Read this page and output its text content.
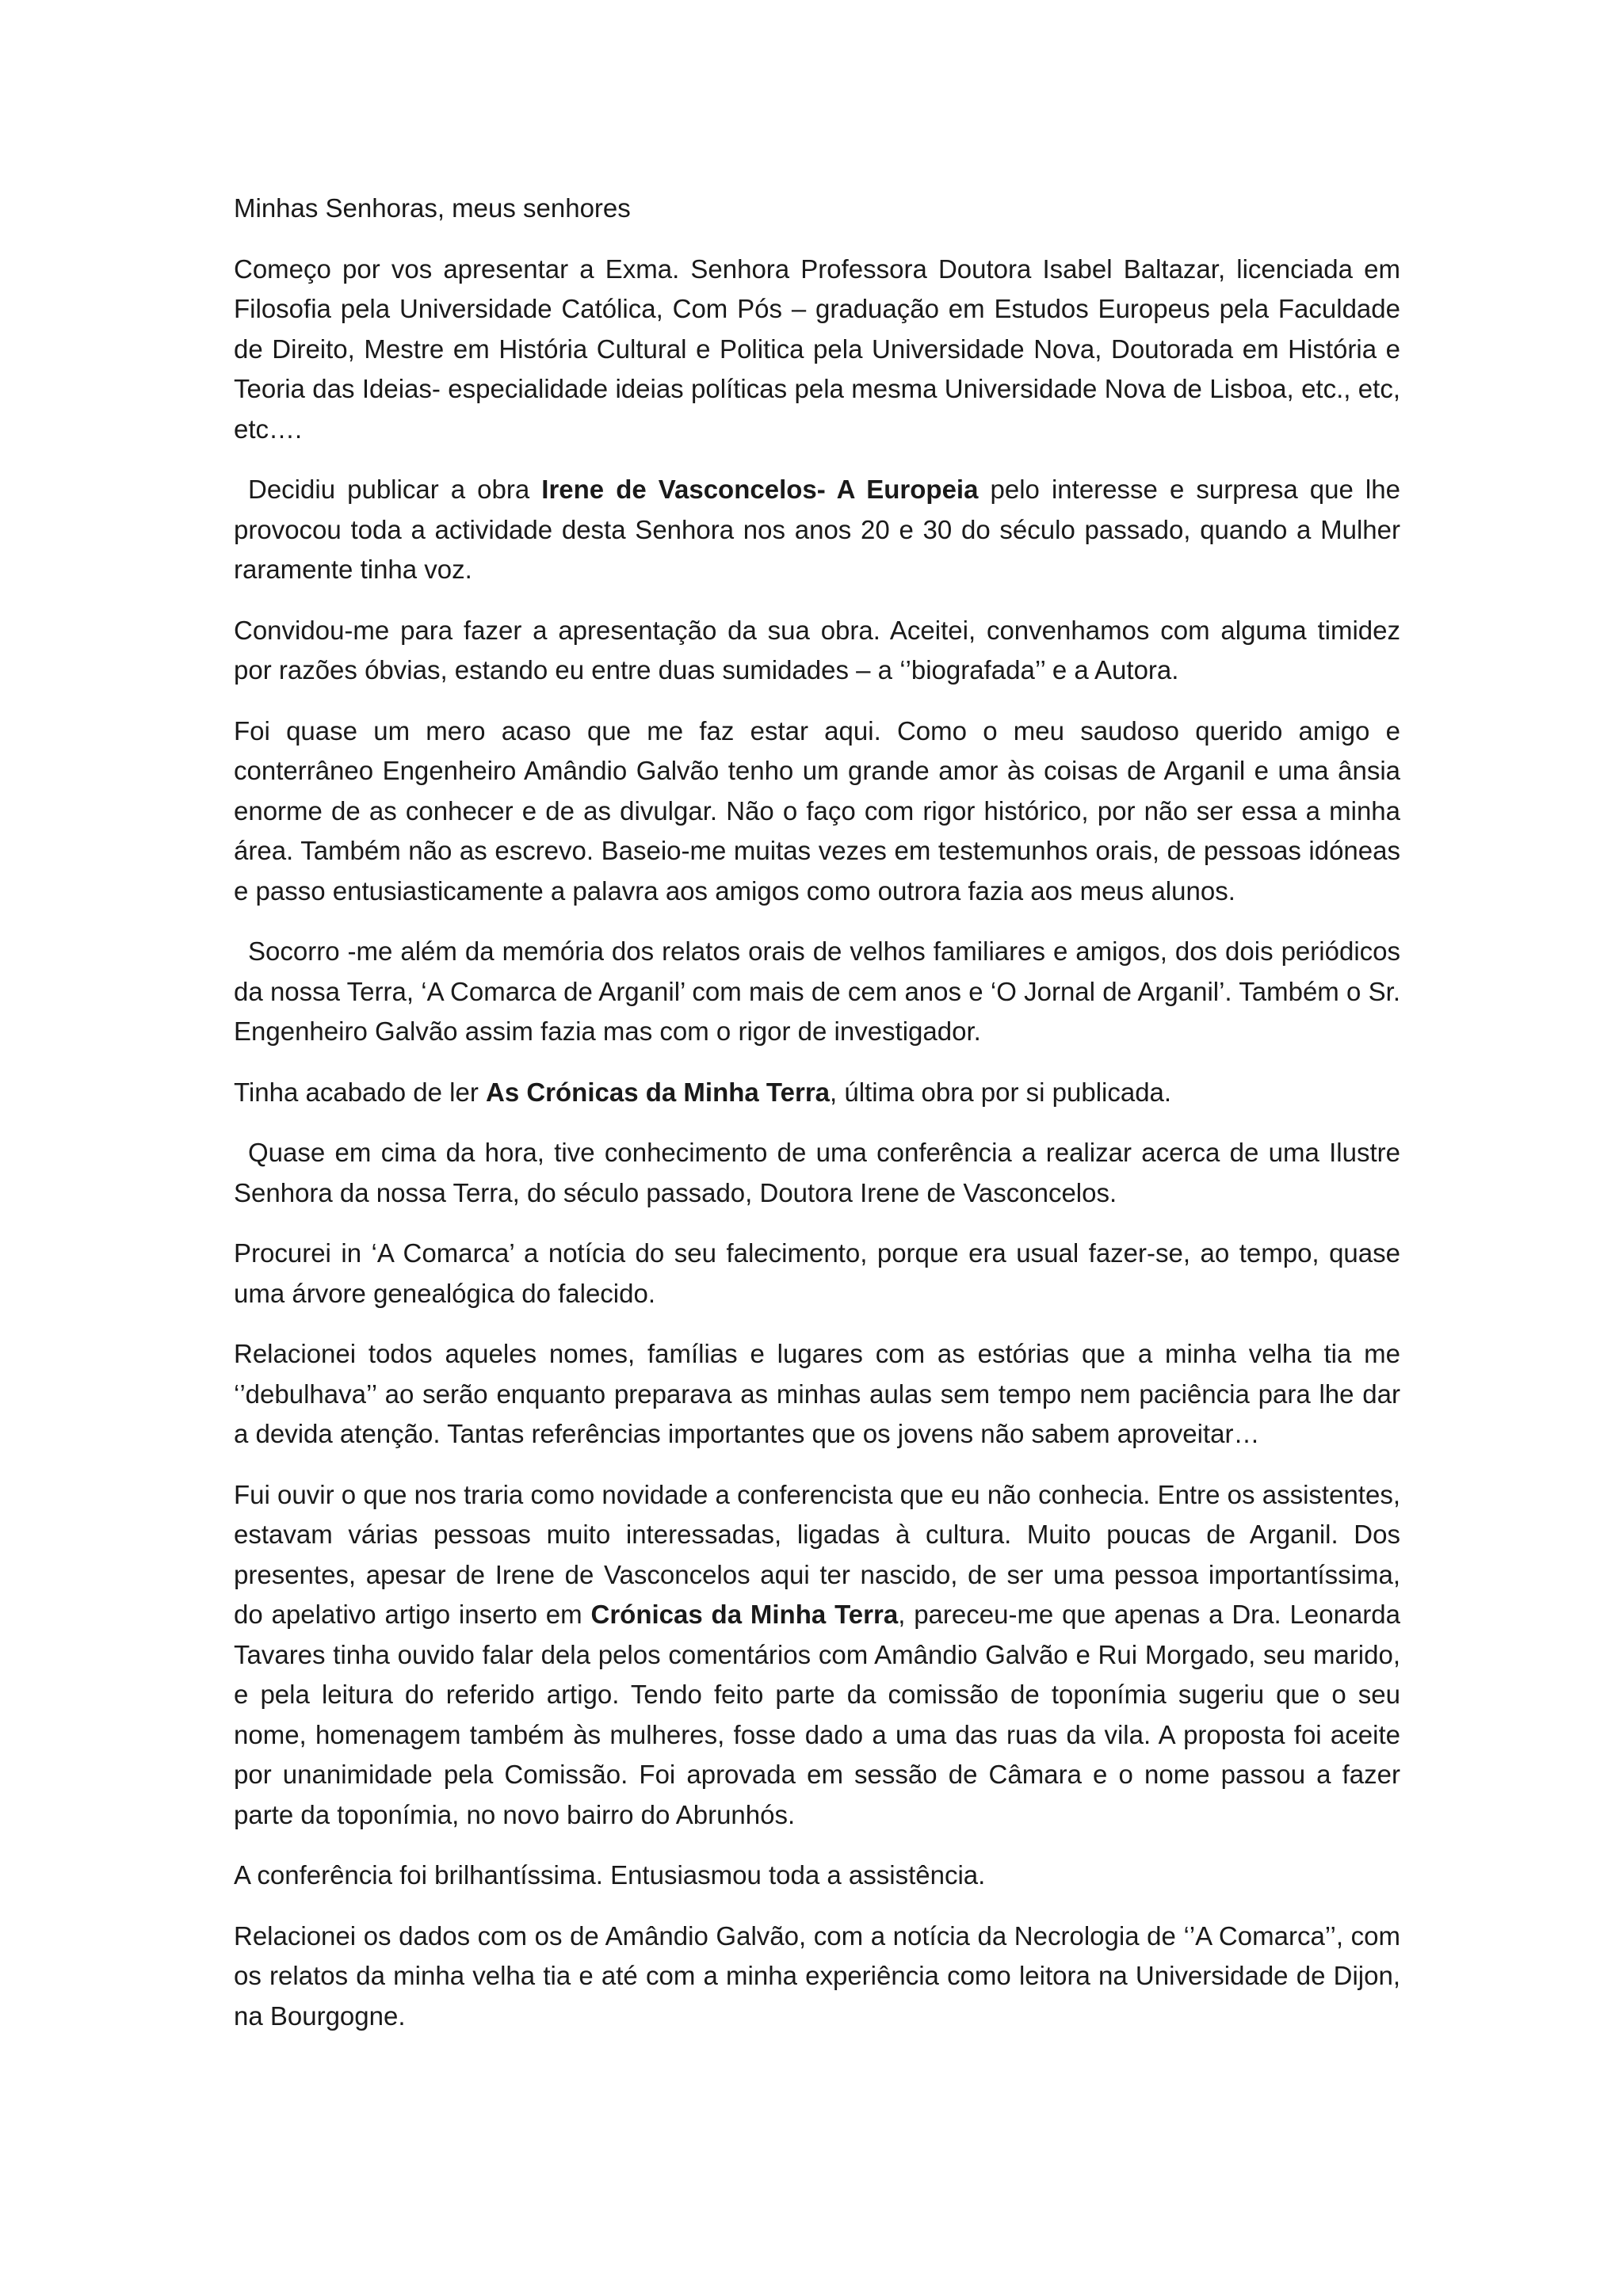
Minhas Senhoras, meus senhores

Começo por vos apresentar a Exma. Senhora Professora Doutora Isabel Baltazar, licenciada em Filosofia pela Universidade Católica, Com Pós – graduação em Estudos Europeus pela Faculdade de Direito, Mestre em História Cultural e Politica pela Universidade Nova, Doutorada em História e Teoria das Ideias- especialidade ideias políticas pela mesma Universidade Nova de Lisboa, etc., etc, etc….

Decidiu publicar a obra Irene de Vasconcelos- A Europeia pelo interesse e surpresa que lhe provocou toda a actividade desta Senhora nos anos 20 e 30 do século passado, quando a Mulher raramente tinha voz.

Convidou-me para fazer a apresentação da sua obra. Aceitei, convenhamos com alguma timidez por razões óbvias, estando eu entre duas sumidades – a ‘’biografada’’ e a Autora.

Foi quase um mero acaso que me faz estar aqui. Como o meu saudoso querido amigo e conterrâneo Engenheiro Amândio Galvão tenho um grande amor às coisas de Arganil e uma ânsia enorme de as conhecer e de as divulgar. Não o faço com rigor histórico, por não ser essa a minha área. Também não as escrevo. Baseio-me muitas vezes em testemunhos orais, de pessoas idóneas e passo entusiasticamente a palavra aos amigos como outrora fazia aos meus alunos.

Socorro -me além da memória dos relatos orais de velhos familiares e amigos, dos dois periódicos da nossa Terra, ‘A Comarca de Arganil’ com mais de cem anos e ‘O Jornal de Arganil’. Também o Sr. Engenheiro Galvão assim fazia mas com o rigor de investigador.

Tinha acabado de ler As Crónicas da Minha Terra, última obra por si publicada.

Quase em cima da hora, tive conhecimento de uma conferência a realizar acerca de uma Ilustre Senhora da nossa Terra, do século passado, Doutora Irene de Vasconcelos.

Procurei in ‘A Comarca’ a notícia do seu falecimento, porque era usual fazer-se, ao tempo, quase uma árvore genealógica do falecido.

Relacionei todos aqueles nomes, famílias e lugares com as estórias que a minha velha tia me ‘’debulhava’’ ao serão enquanto preparava as minhas aulas sem tempo nem paciência para lhe dar a devida atenção. Tantas referências importantes que os jovens não sabem aproveitar…

Fui ouvir o que nos traria como novidade a conferencista que eu não conhecia. Entre os assistentes, estavam várias pessoas muito interessadas, ligadas à cultura. Muito poucas de Arganil. Dos presentes, apesar de Irene de Vasconcelos aqui ter nascido, de ser uma pessoa importantíssima, do apelativo artigo inserto em Crónicas da Minha Terra, pareceu-me que apenas a Dra. Leonarda Tavares tinha ouvido falar dela pelos comentários com Amândio Galvão e Rui Morgado, seu marido, e pela leitura do referido artigo. Tendo feito parte da comissão de toponímia sugeriu que o seu nome, homenagem também às mulheres, fosse dado a uma das ruas da vila. A proposta foi aceite por unanimidade pela Comissão. Foi aprovada em sessão de Câmara e o nome passou a fazer parte da toponímia, no novo bairro do Abrunhós.

A conferência foi brilhantíssima. Entusiasmou toda a assistência.

Relacionei os dados com os de Amândio Galvão, com a notícia da Necrologia de ‘’A Comarca’’, com os relatos da minha velha tia e até com a minha experiência como leitora na Universidade de Dijon, na Bourgogne.
